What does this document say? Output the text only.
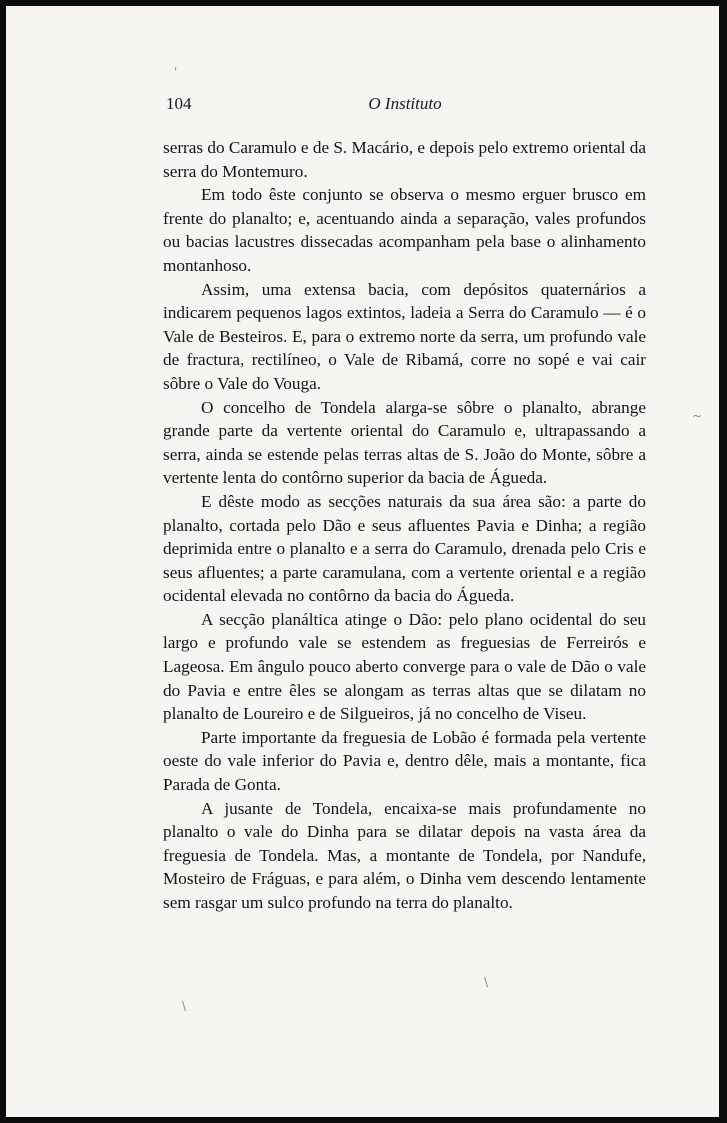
104	O Instituto

serras do Caramulo e de S. Macário, e depois pelo extremo oriental da serra do Montemuro.

Em todo êste conjunto se observa o mesmo erguer brusco em frente do planalto; e, acentuando ainda a separação, vales profundos ou bacias lacustres dissecadas acompanham pela base o alinhamento montanhoso.

Assim, uma extensa bacia, com depósitos quaternários a indicarem pequenos lagos extintos, ladeia a Serra do Caramulo — é o Vale de Besteiros. E, para o extremo norte da serra, um profundo vale de fractura, rectilíneo, o Vale de Ribamá, corre no sopé e vai cair sôbre o Vale do Vouga.

O concelho de Tondela alarga-se sôbre o planalto, abrange grande parte da vertente oriental do Caramulo e, ultrapassando a serra, ainda se estende pelas terras altas de S. João do Monte, sôbre a vertente lenta do contôrno superior da bacia de Águeda.

E dêste modo as secções naturais da sua área são: a parte do planalto, cortada pelo Dão e seus afluentes Pavia e Dinha; a região deprimida entre o planalto e a serra do Caramulo, drenada pelo Cris e seus afluentes; a parte caramulana, com a vertente oriental e a região ocidental elevada no contôrno da bacia do Águeda.

A secção planáltica atinge o Dão: pelo plano ocidental do seu largo e profundo vale se estendem as freguesias de Ferreirós e Lageosa. Em ângulo pouco aberto converge para o vale de Dão o vale do Pavia e entre êles se alongam as terras altas que se dilatam no planalto de Loureiro e de Silgueiros, já no concelho de Viseu.

Parte importante da freguesia de Lobão é formada pela vertente oeste do vale inferior do Pavia e, dentro dêle, mais a montante, fica Parada de Gonta.

A jusante de Tondela, encaixa-se mais profundamente no planalto o vale do Dinha para se dilatar depois na vasta área da freguesia de Tondela. Mas, a montante de Tondela, por Nandufe, Mosteiro de Fráguas, e para além, o Dinha vem descendo lentamente sem rasgar um sulco profundo na terra do planalto.

'
~
\
\
